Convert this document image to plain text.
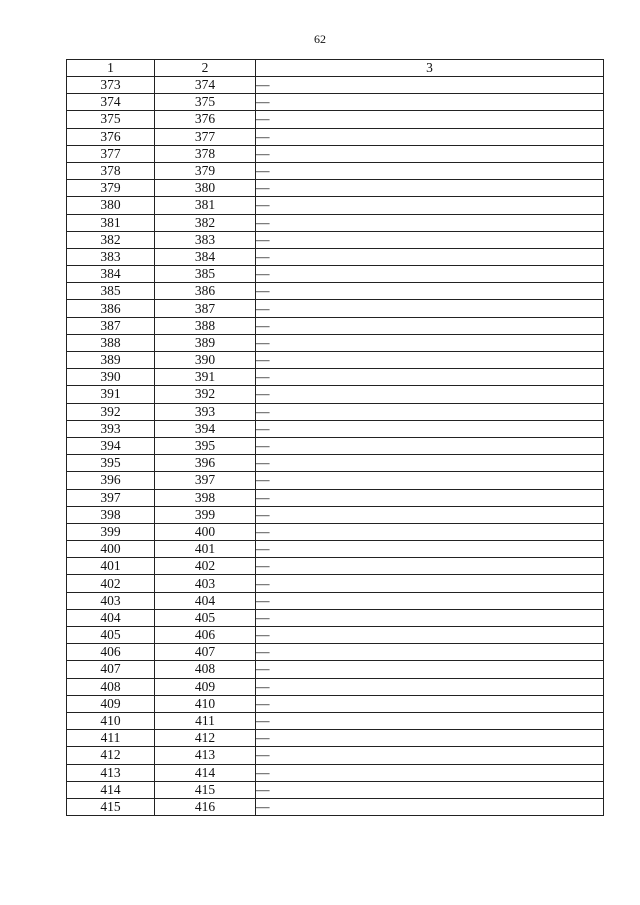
62
1	2	3
373	374	—
374	375	—
375	376	—
376	377	—
377	378	—
378	379	—
379	380	—
380	381	—
381	382	—
382	383	—
383	384	—
384	385	—
385	386	—
386	387	—
387	388	—
388	389	—
389	390	—
390	391	—
391	392	—
392	393	—
393	394	—
394	395	—
395	396	—
396	397	—
397	398	—
398	399	—
399	400	—
400	401	—
401	402	—
402	403	—
403	404	—
404	405	—
405	406	—
406	407	—
407	408	—
408	409	—
409	410	—
410	411	—
411	412	—
412	413	—
413	414	—
414	415	—
415	416	—
